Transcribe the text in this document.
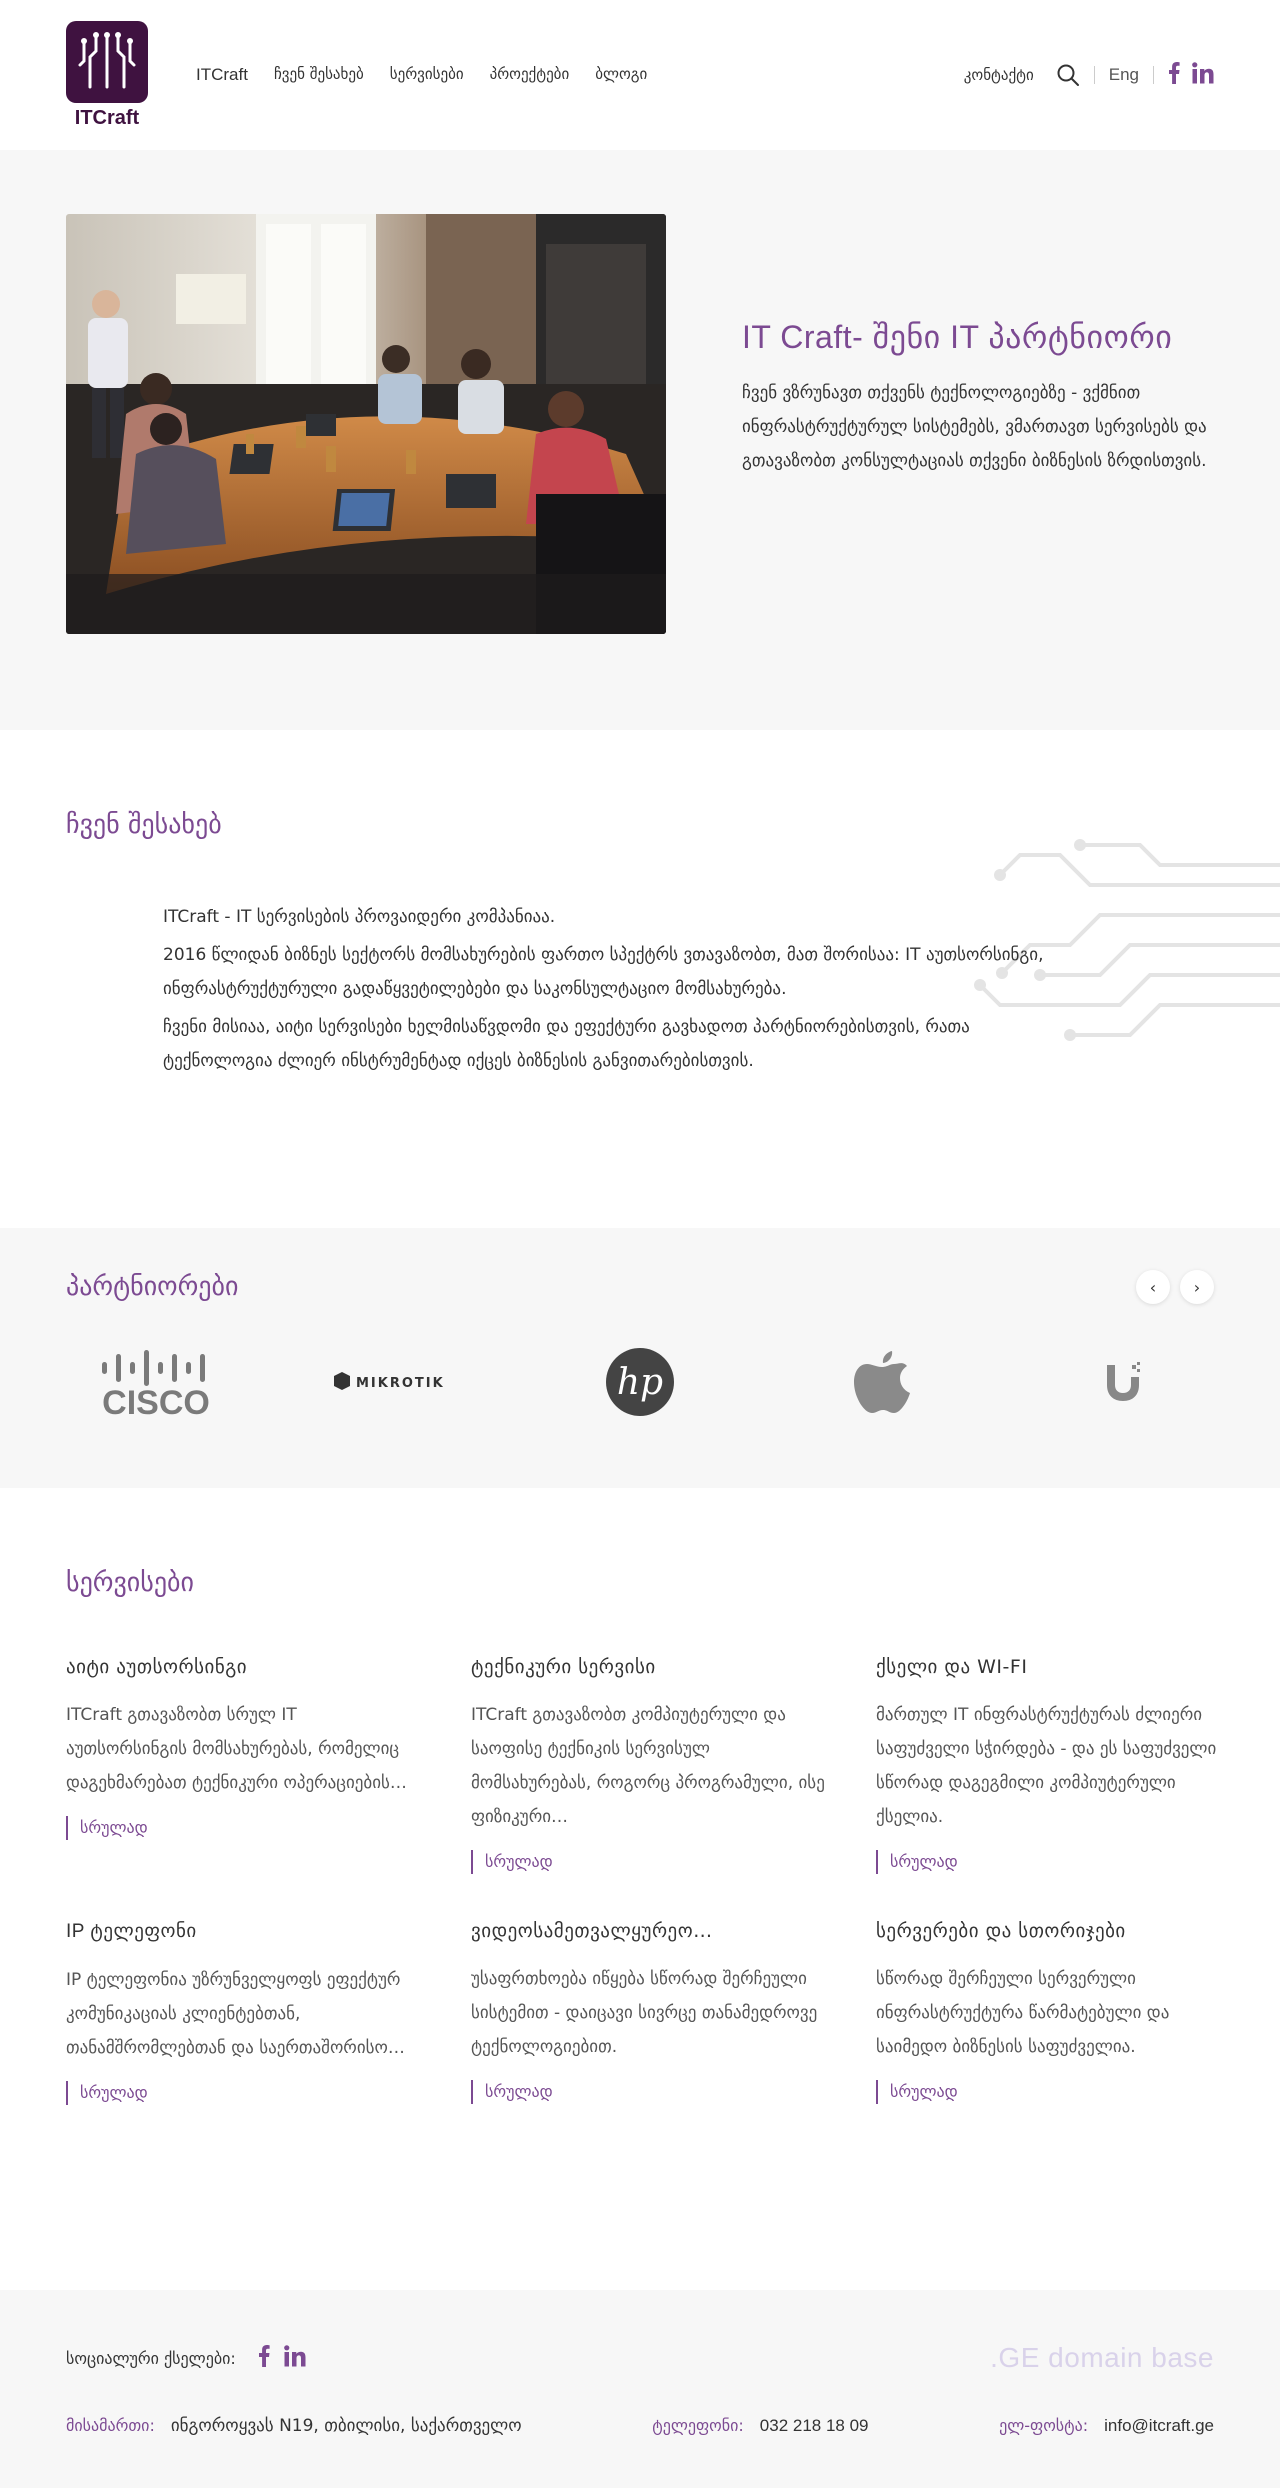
ITCraft
ITCraft ჩვენ შესახებ სერვისები პროექტები ბლოგი	კონტაქტი	Eng
IT Craft- შენი IT პარტნიორი

ჩვენ ვზრუნავთ თქვენს ტექნოლოგიებზე - ვქმნით ინფრასტრუქტურულ სისტემებს, ვმართავთ სერვისებს და გთავაზობთ კონსულტაციას თქვენი ბიზნესის ზრდისთვის.

ჩვენ შესახებ

ITCraft - IT სერვისების პროვაიდერი კომპანიაა.

2016 წლიდან ბიზნეს სექტორს მომსახურების ფართო სპექტრს ვთავაზობთ, მათ შორისაა: IT აუთსორსინგი, ინფრასტრუქტურული გადაწყვეტილებები და საკონსულტაციო მომსახურება.

ჩვენი მისიაა, აიტი სერვისები ხელმისაწვდომი და ეფექტური გავხადოთ პარტნიორებისთვის, რათა ტექნოლოგია ძლიერ ინსტრუმენტად იქცეს ბიზნესის განვითარებისთვის.

პარტნიორები	‹	›
CISCO
MIKROTIK	hp
სერვისები
აიტი აუთსორსინგი

ITCraft გთავაზობთ სრულ IT აუთსორსინგის მომსახურებას, რომელიც დაგეხმარებათ ტექნიკური ოპერაციების…

სრულად
ტექნიკური სერვისი

ITCraft გთავაზობთ კომპიუტერული და საოფისე ტექნიკის სერვისულ მომსახურებას, როგორც პროგრამული, ისე ფიზიკური…

სრულად
ქსელი და WI-FI

მართულ IT ინფრასტრუქტურას ძლიერი საფუძველი სჭირდება - და ეს საფუძველი სწორად დაგეგმილი კომპიუტერული ქსელია.

სრულად
IP ტელეფონი

IP ტელეფონია უზრუნველყოფს ეფექტურ კომუნიკაციას კლიენტებთან, თანამშრომლებთან და საერთაშორისო…

სრულად
ვიდეოსამეთვალყურეო…

უსაფრთხოება იწყება სწორად შერჩეული სისტემით - დაიცავი სივრცე თანამედროვე ტექნოლოგიებით.

სრულად
სერვერები და სთორიჯები

სწორად შერჩეული სერვერული ინფრასტრუქტურა წარმატებული და საიმედო ბიზნესის საფუძველია.

სრულად
სოციალური ქსელები:	.GE domain base
მისამართი: ინგოროყვას N19, თბილისი, საქართველო	ტელეფონი: 032 218 18 09	ელ-ფოსტა: info@itcraft.ge
